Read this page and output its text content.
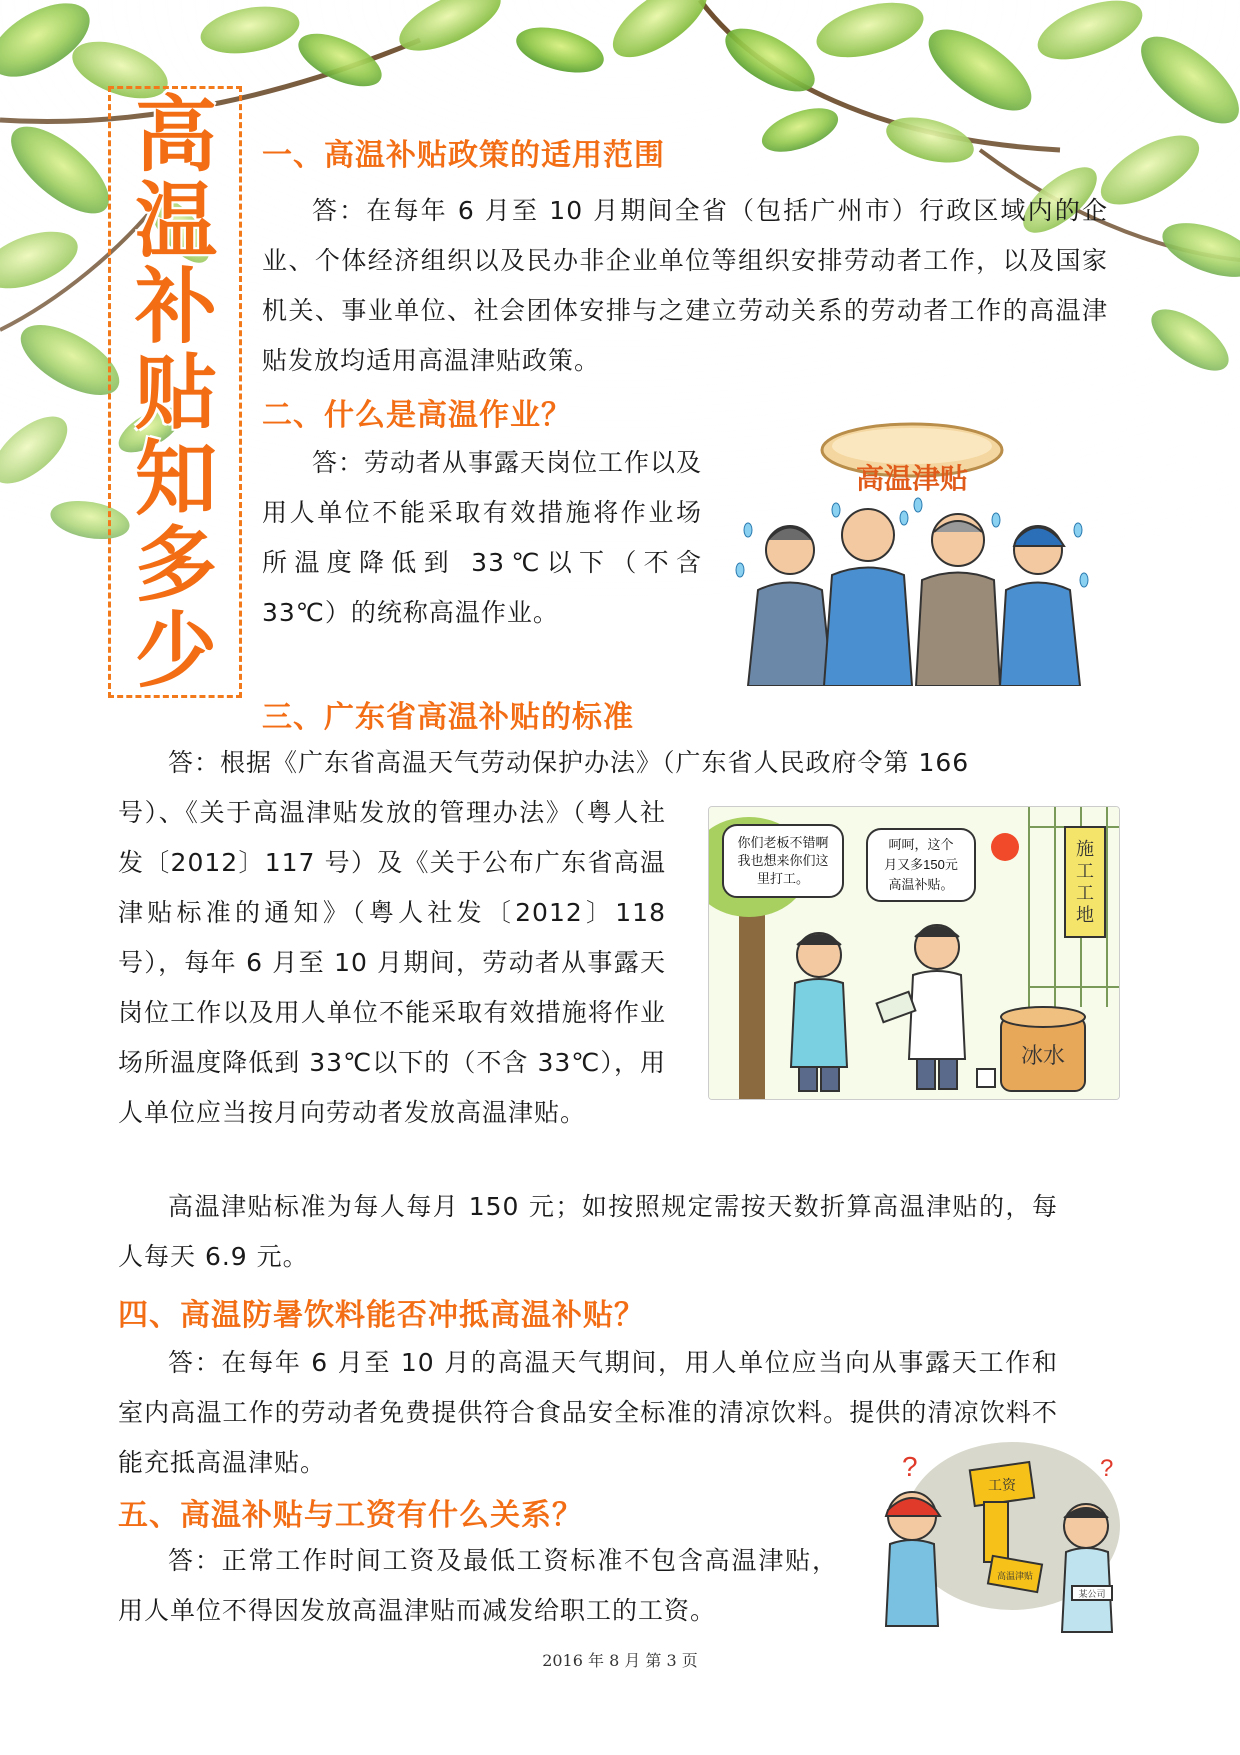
高
温
补
贴
知
多
少
一、高温补贴政策的适用范围

答：在每年 6 月至 10 月期间全省（包括广州市）行政区域内的企业、个体经济组织以及民办非企业单位等组织安排劳动者工作，以及国家机关、事业单位、社会团体安排与之建立劳动关系的劳动者工作的高温津贴发放均适用高温津贴政策。

二、什么是高温作业？

答：劳动者从事露天岗位工作以及用人单位不能采取有效措施将作业场所温度降低到 33℃以下（不含 33℃）的统称高温作业。

高温津贴
三、广东省高温补贴的标准

答：根据《广东省高温天气劳动保护办法》（广东省人民政府令第 166

号）、《关于高温津贴发放的管理办法》（粤人社发〔2012〕117 号）及《关于公布广东省高温津贴标准的通知》（粤人社发〔2012〕118 号），每年 6 月至 10 月期间，劳动者从事露天岗位工作以及用人单位不能采取有效措施将作业场所温度降低到 33℃以下的（不含 33℃），用人单位应当按月向劳动者发放高温津贴。

你们老板不错啊
我也想来你们这
里打工。
呵呵，这个
月又多150元
高温补贴。
施
工
工
地
冰水

高温津贴标准为每人每月 150 元；如按照规定需按天数折算高温津贴的，每人每天 6.9 元。

四、高温防暑饮料能否冲抵高温补贴？

答：在每年 6 月至 10 月的高温天气期间，用人单位应当向从事露天工作和室内高温工作的劳动者免费提供符合食品安全标准的清凉饮料。提供的清凉饮料不能充抵高温津贴。

五、高温补贴与工资有什么关系？

答：正常工作时间工资及最低工资标准不包含高温津贴，用人单位不得因发放高温津贴而减发给职工的工资。

工资
高温津贴
某公司
?	?
2016 年 8 月 第 3 页
